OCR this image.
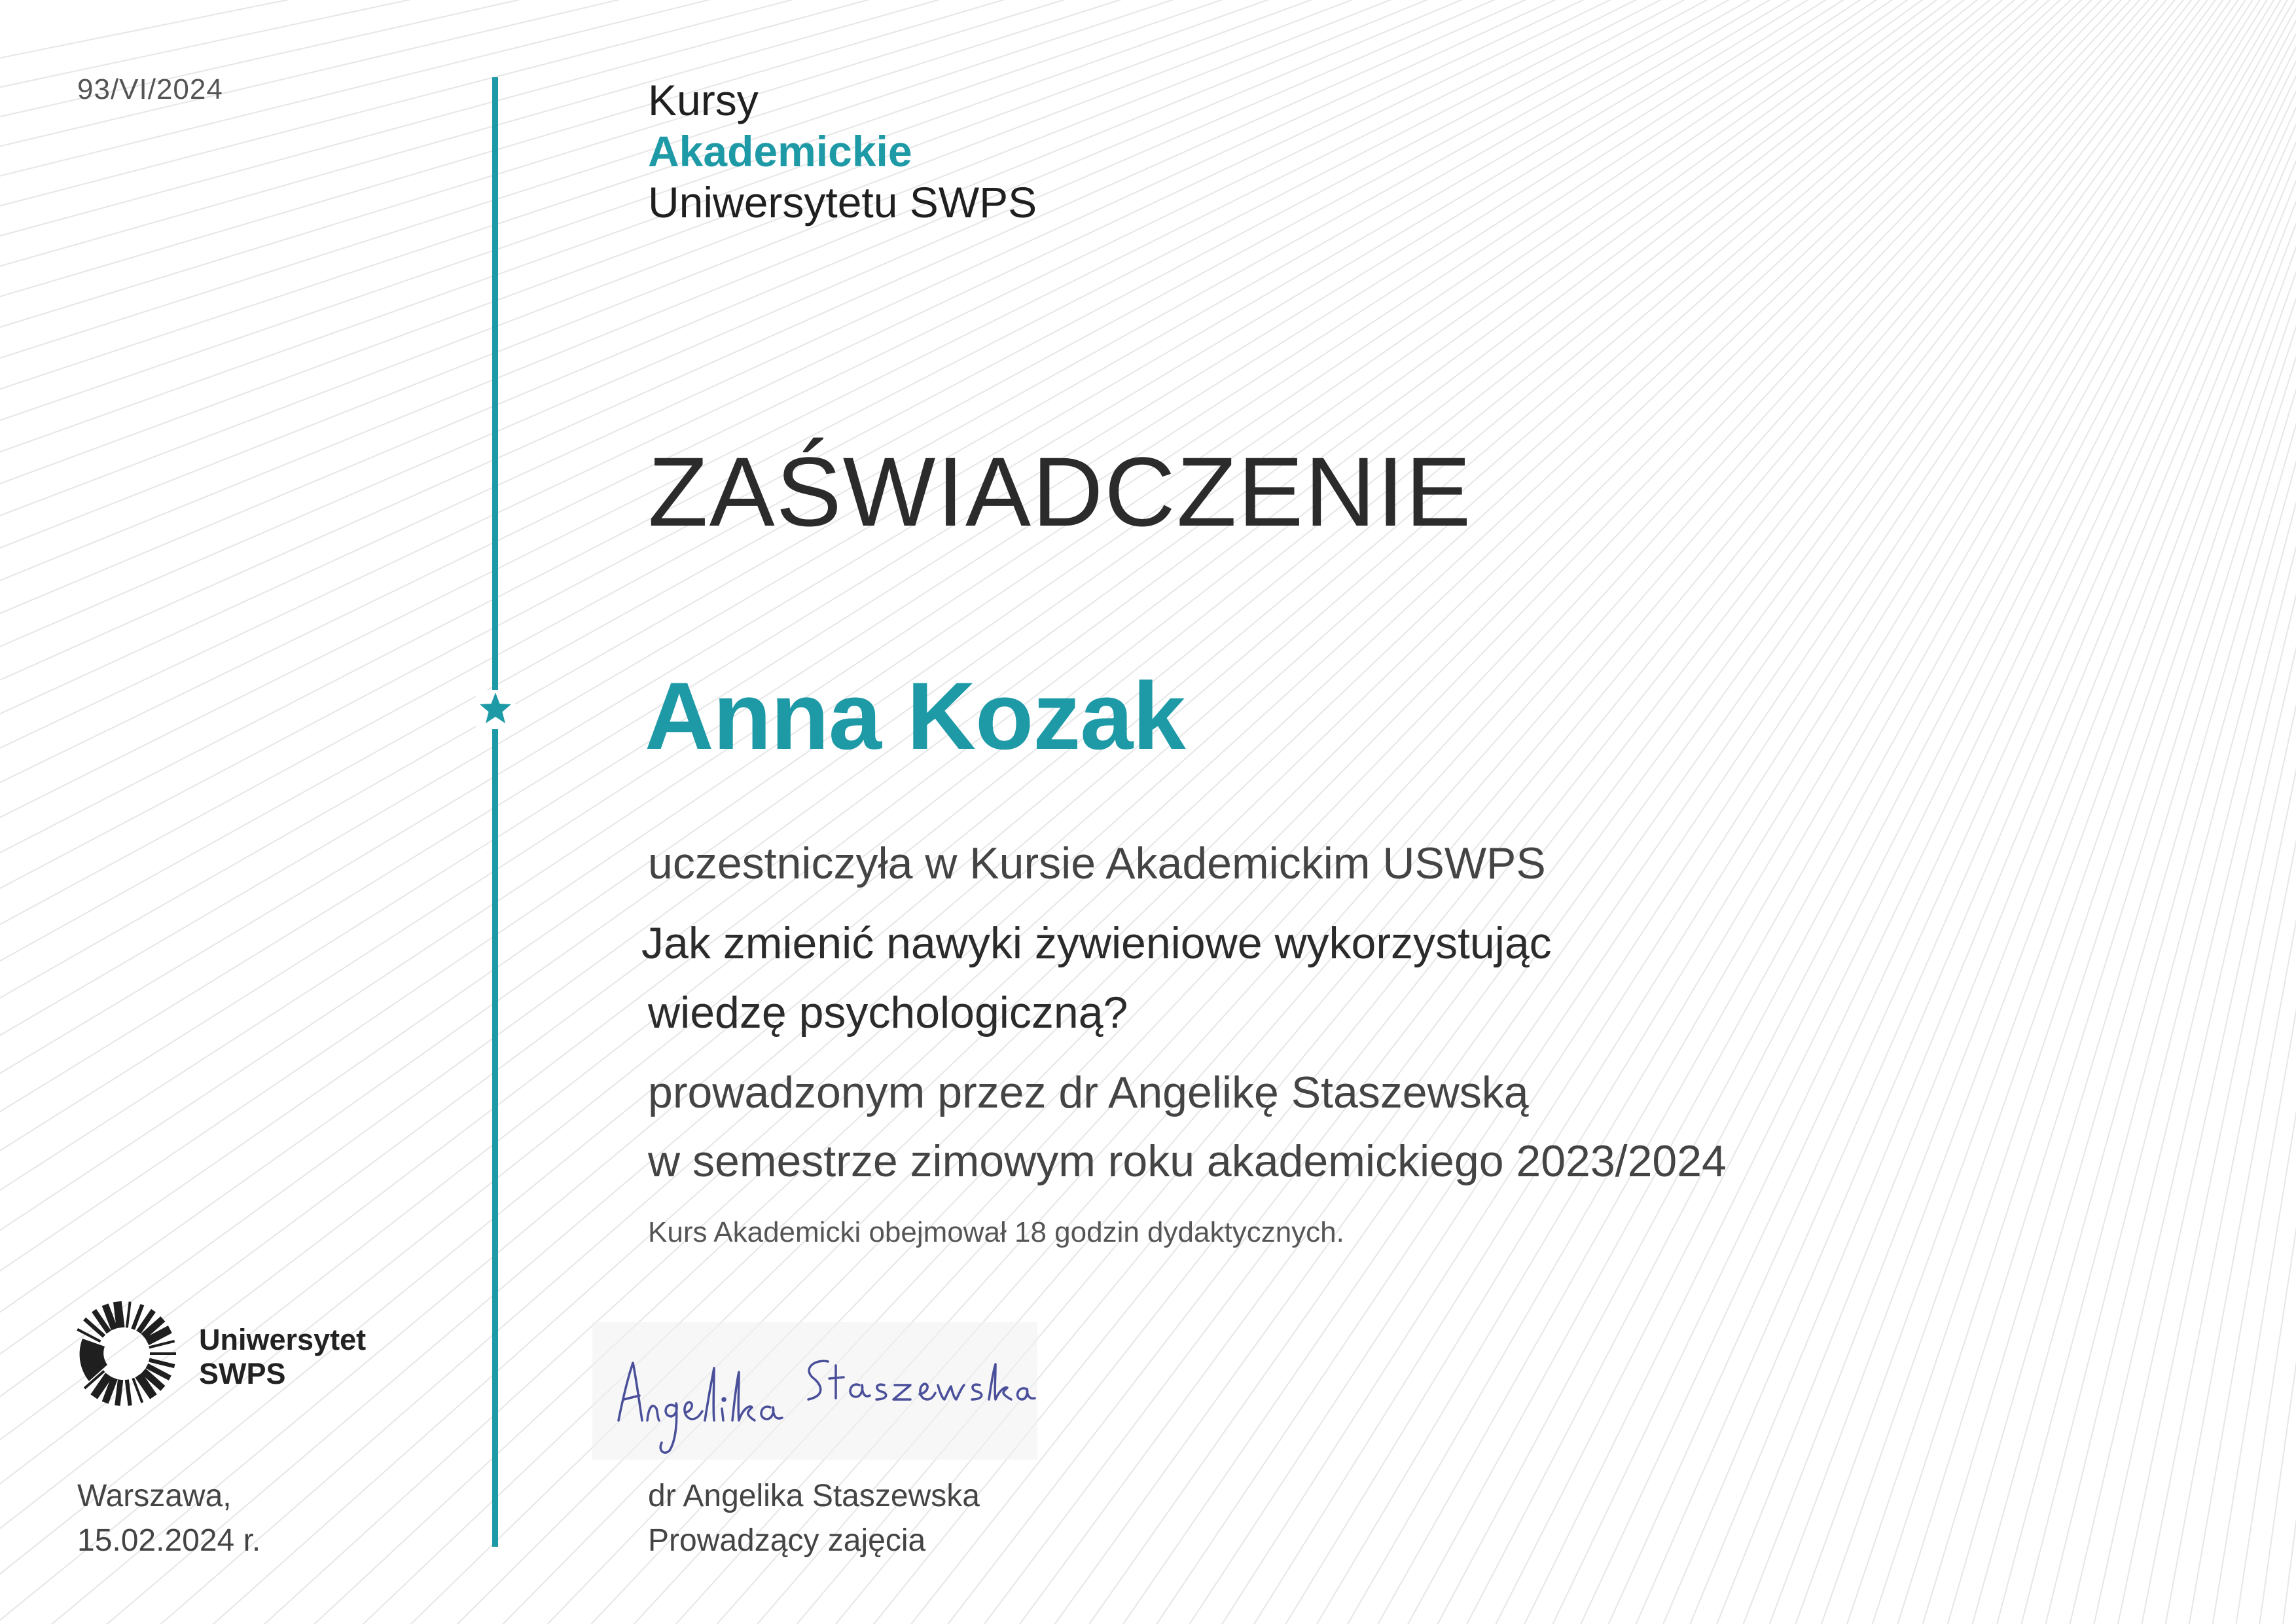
93/VI/2024	Kursy
Akademickie
Uniwersytetu SWPS
ZAŚWIADCZENIE
Anna Kozak
uczestniczyła w Kursie Akademickim USWPS
Jak zmienić nawyki żywieniowe wykorzystując
wiedzę psychologiczną?
prowadzonym przez dr Angelikę Staszewską
w semestrze zimowym roku akademickiego 2023/2024
Kurs Akademicki obejmował 18 godzin dydaktycznych.
Uniwersytet
SWPS
Warszawa,
15.02.2024 r.
dr Angelika Staszewska
Prowadzący zajęcia
